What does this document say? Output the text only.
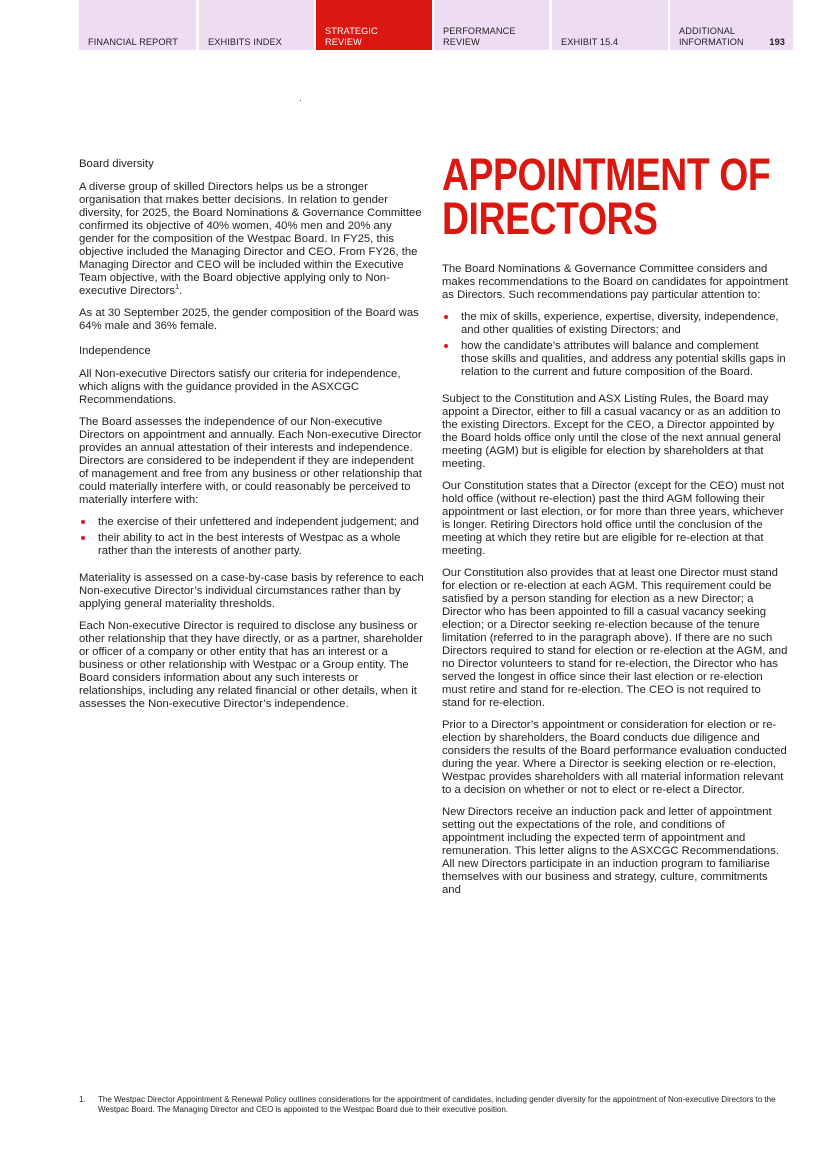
FINANCIAL REPORT	EXHIBITS INDEX
STRATEGIC
REVIEW
PERFORMANCE
REVIEW	EXHIBIT 15.4
ADDITIONAL
INFORMATION	193
Board diversity

A diverse group of skilled Directors helps us be a stronger organisation that makes better decisions. In relation to gender diversity, for 2025, the Board Nominations & Governance Committee confirmed its objective of 40% women, 40% men and 20% any gender for the composition of the Westpac Board. In FY25, this objective included the Managing Director and CEO. From FY26, the Managing Director and CEO will be included within the Executive Team objective, with the Board objective applying only to Non-executive Directors$^1$.

As at 30 September 2025, the gender composition of the Board was 64% male and 36% female.

Independence

All Non-executive Directors satisfy our criteria for independence, which aligns with the guidance provided in the ASXCGC Recommendations.

The Board assesses the independence of our Non-executive Directors on appointment and annually. Each Non-executive Director provides an annual attestation of their interests and independence. Directors are considered to be independent if they are independent of management and free from any business or other relationship that could materially interfere with, or could reasonably be perceived to materially interfere with:

the exercise of their unfettered and independent judgement; and
their ability to act in the best interests of Westpac as a whole rather than the interests of another party.

Materiality is assessed on a case-by-case basis by reference to each Non-executive Director’s individual circumstances rather than by applying general materiality thresholds.

Each Non-executive Director is required to disclose any business or other relationship that they have directly, or as a partner, shareholder or officer of a company or other entity that has an interest or a business or other relationship with Westpac or a Group entity. The Board considers information about any such interests or relationships, including any related financial or other details, when it assesses the Non-executive Director’s independence.

APPOINTMENT OF
DIRECTORS

The Board Nominations & Governance Committee considers and makes recommendations to the Board on candidates for appointment as Directors. Such recommendations pay particular attention to:

the mix of skills, experience, expertise, diversity, independence, and other qualities of existing Directors; and
how the candidate’s attributes will balance and complement those skills and qualities, and address any potential skills gaps in relation to the current and future composition of the Board.

Subject to the Constitution and ASX Listing Rules, the Board may appoint a Director, either to fill a casual vacancy or as an addition to the existing Directors. Except for the CEO, a Director appointed by the Board holds office only until the close of the next annual general meeting (AGM) but is eligible for election by shareholders at that meeting.

Our Constitution states that a Director (except for the CEO) must not hold office (without re-election) past the third AGM following their appointment or last election, or for more than three years, whichever is longer. Retiring Directors hold office until the conclusion of the meeting at which they retire but are eligible for re-election at that meeting.

Our Constitution also provides that at least one Director must stand for election or re-election at each AGM. This requirement could be satisfied by a person standing for election as a new Director; a Director who has been appointed to fill a casual vacancy seeking election; or a Director seeking re-election because of the tenure limitation (referred to in the paragraph above). If there are no such Directors required to stand for election or re-election at the AGM, and no Director volunteers to stand for re-election, the Director who has served the longest in office since their last election or re-election must retire and stand for re-election. The CEO is not required to stand for re-election.

Prior to a Director’s appointment or consideration for election or re-election by shareholders, the Board conducts due diligence and considers the results of the Board performance evaluation conducted during the year. Where a Director is seeking election or re-election, Westpac provides shareholders with all material information relevant to a decision on whether or not to elect or re-elect a Director.

New Directors receive an induction pack and letter of appointment setting out the expectations of the role, and conditions of appointment including the expected term of appointment and remuneration. This letter aligns to the ASXCGC Recommendations. All new Directors participate in an induction program to familiarise themselves with our business and strategy, culture, commitments and

1. The Westpac Director Appointment & Renewal Policy outlines considerations for the appointment of candidates, including gender diversity for the appointment of Non-executive Directors to the Westpac Board. The Managing Director and CEO is appointed to the Westpac Board due to their executive position.
